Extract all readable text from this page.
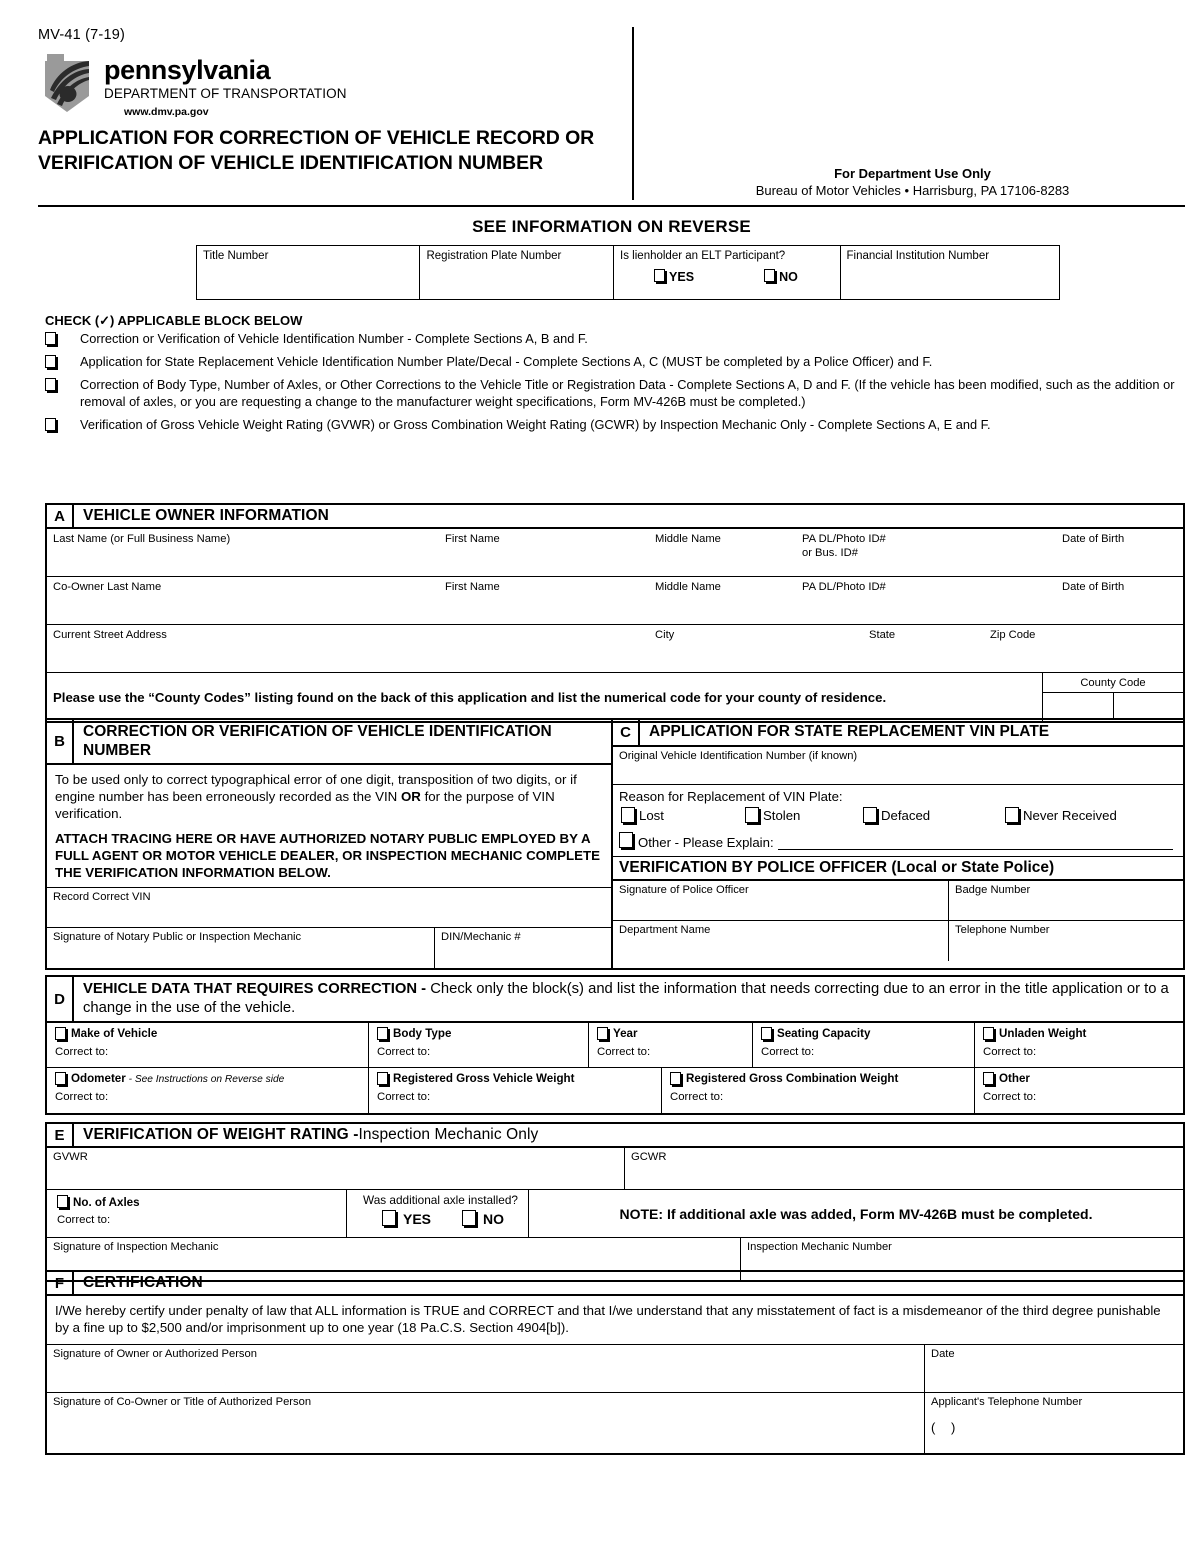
MV-41 (7-19)
pennsylvania
DEPARTMENT OF TRANSPORTATION
www.dmv.pa.gov
APPLICATION FOR CORRECTION OF VEHICLE RECORD OR VERIFICATION OF VEHICLE IDENTIFICATION NUMBER	For Department Use Only
Bureau of Motor Vehicles • Harrisburg, PA 17106-8283
SEE INFORMATION ON REVERSE
Title Number	Registration Plate Number	Is lienholder an ELT Participant?
YES	NO
Financial Institution Number
CHECK (✓) APPLICABLE BLOCK BELOW
Correction or Verification of Vehicle Identification Number - Complete Sections A, B and F.
Application for State Replacement Vehicle Identification Number Plate/Decal - Complete Sections A, C (MUST be completed by a Police Officer) and F.
Correction of Body Type, Number of Axles, or Other Corrections to the Vehicle Title or Registration Data - Complete Sections A, D and F. (If the vehicle has been modified, such as the addition or removal of axles, or you are requesting a change to the manufacturer weight specifications, Form MV-426B must be completed.)
Verification of Gross Vehicle Weight Rating (GVWR) or Gross Combination Weight Rating (GCWR) by Inspection Mechanic Only - Complete Sections A, E and F.
A	VEHICLE OWNER INFORMATION
Last Name (or Full Business Name)	First Name	Middle Name	PA DL/Photo ID#
or Bus. ID#
Date of Birth
Co-Owner Last Name	First Name	Middle Name	PA DL/Photo ID#	Date of Birth
Current Street Address	City	State	Zip Code
Please use the “County Codes” listing found on the back of this application and list the numerical code for your county of residence.
County Code
B
CORRECTION OR VERIFICATION OF VEHICLE IDENTIFICATION NUMBER

To be used only to correct typographical error of one digit, transposition of two digits, or if engine number has been erroneously recorded as the VIN OR for the purpose of VIN verification.

ATTACH TRACING HERE OR HAVE AUTHORIZED NOTARY PUBLIC EMPLOYED BY A FULL AGENT OR MOTOR VEHICLE DEALER, OR INSPECTION MECHANIC COMPLETE THE VERIFICATION INFORMATION BELOW.

Record Correct VIN
Signature of Notary Public or Inspection Mechanic	DIN/Mechanic #
C	APPLICATION FOR STATE REPLACEMENT VIN PLATE
Original Vehicle Identification Number (if known)
Reason for Replacement of VIN Plate:
Lost	Stolen	Defaced	Never Received
Other - Please Explain:
VERIFICATION BY POLICE OFFICER (Local or State Police)
Signature of Police Officer	Badge Number
Department Name	Telephone Number
D
VEHICLE DATA THAT REQUIRES CORRECTION - Check only the block(s) and list the information that needs correcting due to an error in the title application or to a change in the use of the vehicle.
Make of Vehicle
Correct to:
Body Type
Correct to:
Year
Correct to:
Seating Capacity
Correct to:
Unladen Weight
Correct to:
Odometer - See Instructions on Reverse side
Correct to:
Registered Gross Vehicle Weight
Correct to:
Registered Gross Combination Weight
Correct to:
Other
Correct to:
E	VERIFICATION OF WEIGHT RATING - Inspection Mechanic Only
GVWR	GCWR
No. of Axles
Correct to:
Was additional axle installed?
YES	NO	NOTE: If additional axle was added, Form MV-426B must be completed.
Signature of Inspection Mechanic	Inspection Mechanic Number
F	CERTIFICATION
I/We hereby certify under penalty of law that ALL information is TRUE and CORRECT and that I/we understand that any misstatement of fact is a misdemeanor of the third degree punishable by a fine up to $2,500 and/or imprisonment up to one year (18 Pa.C.S. Section 4904[b]).
Signature of Owner or Authorized Person	Date
Signature of Co-Owner or Title of Authorized Person	Applicant's Telephone Number
( )
